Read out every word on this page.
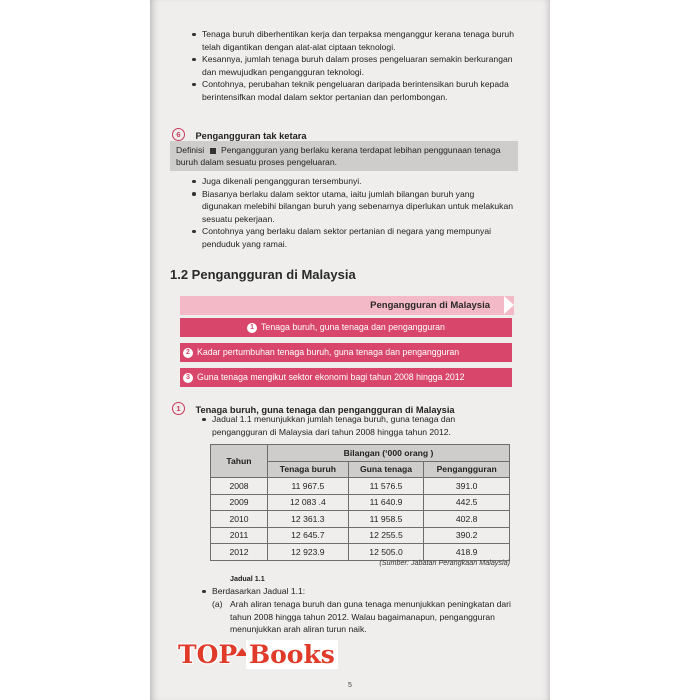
Tenaga buruh diberhentikan kerja dan terpaksa menganggur kerana tenaga buruh telah digantikan dengan alat-alat ciptaan teknologi.
Kesannya, jumlah tenaga buruh dalam proses pengeluaran semakin berkurangan dan mewujudkan pengangguran teknologi.
Contohnya, perubahan teknik pengeluaran daripada berintensikan buruh kepada berintensifkan modal dalam sektor pertanian dan perlombongan.
6 Pengangguran tak ketara
Definisi Pengangguran yang berlaku kerana terdapat lebihan penggunaan tenaga buruh dalam sesuatu proses pengeluaran.
Juga dikenali pengangguran tersembunyi.
Biasanya berlaku dalam sektor utama, iaitu jumlah bilangan buruh yang digunakan melebihi bilangan buruh yang sebenarnya diperlukan untuk melakukan sesuatu pekerjaan.
Contohnya yang berlaku dalam sektor pertanian di negara yang mempunyai penduduk yang ramai.
1.2 Pengangguran di Malaysia
Pengangguran di Malaysia
1 Tenaga buruh, guna tenaga dan pengangguran
2 Kadar pertumbuhan tenaga buruh, guna tenaga dan pengangguran
3 Guna tenaga mengikut sektor ekonomi bagi tahun 2008 hingga 2012
1 Tenaga buruh, guna tenaga dan pengangguran di Malaysia
Jadual 1.1 menunjukkan jumlah tenaga buruh, guna tenaga dan pengangguran di Malaysia dari tahun 2008 hingga tahun 2012.
Tahun	Bilangan (‘000 orang )		
	Tenaga buruh	Guna tenaga	Pengangguran
2008	11 967.5	11 576.5	391.0
2009	12 083 .4	11 640.9	442.5
2010	12 361.3	11 958.5	402.8
2011	12 645.7	12 255.5	390.2
2012	12 923.9	12 505.0	418.9
(Sumber: Jabatan Perangkaan Malaysia)
Jadual 1.1
Berdasarkan Jadual 1.1:
(a) Arah aliran tenaga buruh dan guna tenaga menunjukkan peningkatan dari tahun 2008 hingga tahun 2012. Walau bagaimanapun, pengangguran menunjukkan arah aliran turun naik.
5
TOP Books
